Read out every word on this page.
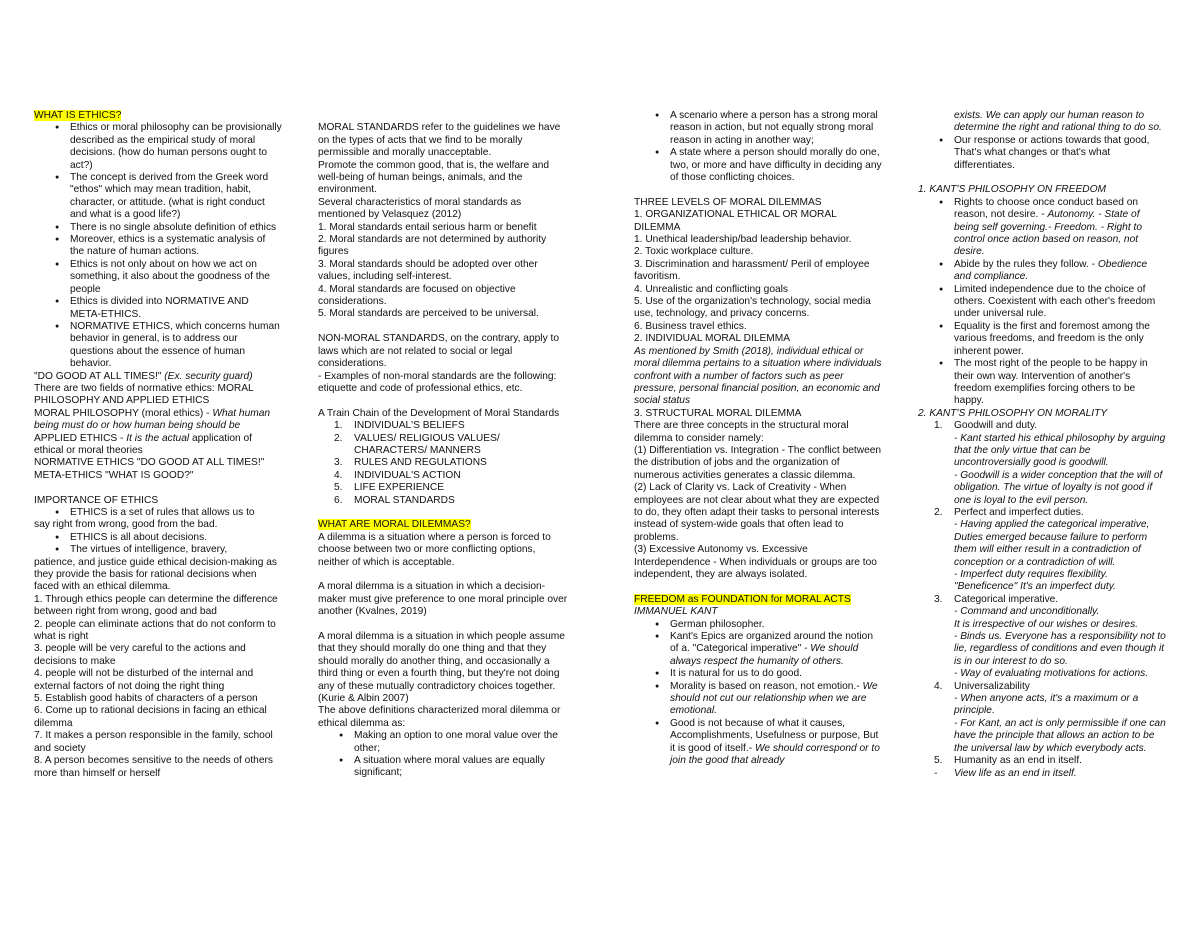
WHAT IS ETHICS?

● Ethics or moral philosophy can be provisionally described as the empirical study of moral decisions. (how do human persons ought to act?)
● The concept is derived from the Greek word "ethos" which may mean tradition, habit, character, or attitude. (what is right conduct and what is a good life?)
● There is no single absolute definition of ethics
● Moreover, ethics is a systematic analysis of the nature of human actions.
● Ethics is not only about on how we act on something, it also about the goodness of the people
● Ethics is divided into NORMATIVE AND META-ETHICS.
● NORMATIVE ETHICS, which concerns human behavior in general, is to address our questions about the essence of human behavior.

"DO GOOD AT ALL TIMES!" (Ex. security guard)

There are two fields of normative ethics: MORAL PHILOSOPHY AND APPLIED ETHICS

MORAL PHILOSOPHY (moral ethics) - What human being must do or how human being should be

APPLIED ETHICS - It is the actual application of ethical or moral theories

NORMATIVE ETHICS "DO GOOD AT ALL TIMES!"

META-ETHICS "WHAT IS GOOD?"

IMPORTANCE OF ETHICS

● ETHICS is a set of rules that allows us to

say right from wrong, good from the bad.

● ETHICS is all about decisions.
● The virtues of intelligence, bravery,

patience, and justice guide ethical decision-making as they provide the basis for rational decisions when faced with an ethical dilemma.

1. Through ethics people can determine the difference between right from wrong, good and bad

2. people can eliminate actions that do not conform to what is right

3. people will be very careful to the actions and decisions to make

4. people will not be disturbed of the internal and external factors of not doing the right thing

5. Establish good habits of characters of a person

6. Come up to rational decisions in facing an ethical dilemma

7. It makes a person responsible in the family, school and society

8. A person becomes sensitive to the needs of others more than himself or herself

MORAL STANDARDS refer to the guidelines we have on the types of acts that we find to be morally permissible and morally unacceptable.

Promote the common good, that is, the welfare and well-being of human beings, animals, and the environment.

Several characteristics of moral standards as mentioned by Velasquez (2012)

1. Moral standards entail serious harm or benefit

2. Moral standards are not determined by authority figures

3. Moral standards should be adopted over other values, including self-interest.

4. Moral standards are focused on objective considerations.

5. Moral standards are perceived to be universal.

NON-MORAL STANDARDS, on the contrary, apply to laws which are not related to social or legal considerations.

- Examples of non-moral standards are the following: etiquette and code of professional ethics, etc.

A Train Chain of the Development of Moral Standards

1.	INDIVIDUAL'S BELIEFS
2.	VALUES/ RELIGIOUS VALUES/ CHARACTERS/ MANNERS
3.	RULES AND REGULATIONS
4.	INDIVIDUAL'S ACTION
5.	LIFE EXPERIENCE
6.	MORAL STANDARDS

WHAT ARE MORAL DILEMMAS?

A dilemma is a situation where a person is forced to choose between two or more conflicting options, neither of which is acceptable.

A moral dilemma is a situation in which a decision-maker must give preference to one moral principle over another (Kvalnes, 2019)

A moral dilemma is a situation in which people assume that they should morally do one thing and that they should morally do another thing, and occasionally a third thing or even a fourth thing, but they're not doing any of these mutually contradictory choices together. (Kurie & Albin 2007)

The above definitions characterized moral dilemma or ethical dilemma as:

● Making an option to one moral value over the other;
● A situation where moral values are equally significant;
● A scenario where a person has a strong moral reason in action, but not equally strong moral reason in acting in another way;
● A state where a person should morally do one, two, or more and have difficulty in deciding any of those conflicting choices.

THREE LEVELS OF MORAL DILEMMAS

1. ORGANIZATIONAL ETHICAL OR MORAL DILEMMA

1. Unethical leadership/bad leadership behavior.

2. Toxic workplace culture.

3. Discrimination and harassment/ Peril of employee favoritism.

4. Unrealistic and conflicting goals

5. Use of the organization's technology, social media use, technology, and privacy concerns.

6. Business travel ethics.

2. INDIVIDUAL MORAL DILEMMA

As mentioned by Smith (2018), individual ethical or moral dilemma pertains to a situation where individuals confront with a number of factors such as peer pressure, personal financial position, an economic and social status

3. STRUCTURAL MORAL DILEMMA

There are three concepts in the structural moral dilemma to consider namely:

(1) Differentiation vs. Integration - The conflict between the distribution of jobs and the organization of numerous activities generates a classic dilemma.

(2) Lack of Clarity vs. Lack of Creativity - When employees are not clear about what they are expected to do, they often adapt their tasks to personal interests instead of system-wide goals that often lead to problems.

(3) Excessive Autonomy vs. Excessive Interdependence - When individuals or groups are too independent, they are always isolated.

FREEDOM as FOUNDATION for MORAL ACTS

IMMANUEL KANT

● German philosopher.
● Kant's Epics are organized around the notion of a. "Categorical imperative" - We should always respect the humanity of others.
● It is natural for us to do good.
● Morality is based on reason, not emotion.- We should not cut our relationship when we are emotional.
● Good is not because of what it causes, Accomplishments, Usefulness or purpose, But it is good of itself.- We should correspond or to join the good that already

exists. We can apply our human reason to determine the right and rational thing to do so.

● Our response or actions towards that good, That's what changes or that's what differentiates.

1. KANT'S PHILOSOPHY ON FREEDOM

● Rights to choose once conduct based on reason, not desire. - Autonomy. - State of being self governing.- Freedom. - Right to control once action based on reason, not desire.
● Abide by the rules they follow. - Obedience and compliance.
● Limited independence due to the choice of others. Coexistent with each other's freedom under universal rule.
● Equality is the first and foremost among the various freedoms, and freedom is the only inherent power.
● The most right of the people to be happy in their own way. Intervention of another's freedom exemplifies forcing others to be happy.

2. KANT'S PHILOSOPHY ON MORALITY

1.	Goodwill and duty.
- Kant started his ethical philosophy by arguing that the only virtue that can be uncontroversially good is goodwill.
- Goodwill is a wider conception that the will of obligation. The virtue of loyalty is not good if one is loyal to the evil person.
2.	Perfect and imperfect duties.
- Having applied the categorical imperative, Duties emerged because failure to perform them will either result in a contradiction of conception or a contradiction of will.
- Imperfect duty requires flexibility. "Beneficence" It's an imperfect duty.
3.	Categorical imperative.
- Command and unconditionally.
It is irrespective of our wishes or desires.
- Binds us. Everyone has a responsibility not to lie, regardless of conditions and even though it is in our interest to do so.
- Way of evaluating motivations for actions.
4.	Universalizability
- When anyone acts, it's a maximum or a principle.
- For Kant, an act is only permissible if one can have the principle that allows an action to be the universal law by which everybody acts.
5.	Humanity as an end in itself.

- View life as an end in itself.
